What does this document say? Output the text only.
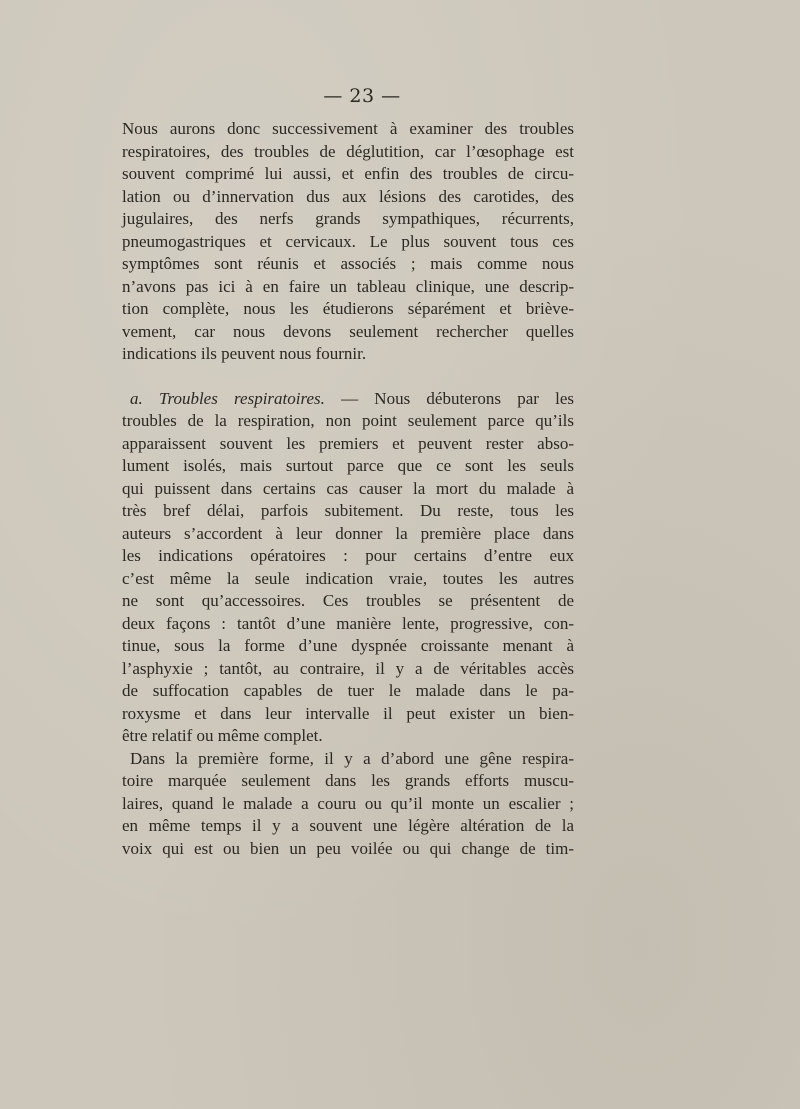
— 23 —
Nous aurons donc successivement à examiner des troubles
respiratoires, des troubles de déglutition, car l’œsophage est
souvent comprimé lui aussi, et enfin des troubles de circu-
lation ou d’innervation dus aux lésions des carotides, des
jugulaires, des nerfs grands sympathiques, récurrents,
pneumogastriques et cervicaux. Le plus souvent tous ces
symptômes sont réunis et associés ; mais comme nous
n’avons pas ici à en faire un tableau clinique, une descrip-
tion complète, nous les étudierons séparément et briève-
vement, car nous devons seulement rechercher quelles
indications ils peuvent nous fournir.
a. Troubles respiratoires. — Nous débuterons par les
troubles de la respiration, non point seulement parce qu’ils
apparaissent souvent les premiers et peuvent rester abso-
lument isolés, mais surtout parce que ce sont les seuls
qui puissent dans certains cas causer la mort du malade à
très bref délai, parfois subitement. Du reste, tous les
auteurs s’accordent à leur donner la première place dans
les indications opératoires : pour certains d’entre eux
c’est même la seule indication vraie, toutes les autres
ne sont qu’accessoires. Ces troubles se présentent de
deux façons : tantôt d’une manière lente, progressive, con-
tinue, sous la forme d’une dyspnée croissante menant à
l’asphyxie ; tantôt, au contraire, il y a de véritables accès
de suffocation capables de tuer le malade dans le pa-
roxysme et dans leur intervalle il peut exister un bien-
être relatif ou même complet.
Dans la première forme, il y a d’abord une gêne respira-
toire marquée seulement dans les grands efforts muscu-
laires, quand le malade a couru ou qu’il monte un escalier ;
en même temps il y a souvent une légère altération de la
voix qui est ou bien un peu voilée ou qui change de tim-
